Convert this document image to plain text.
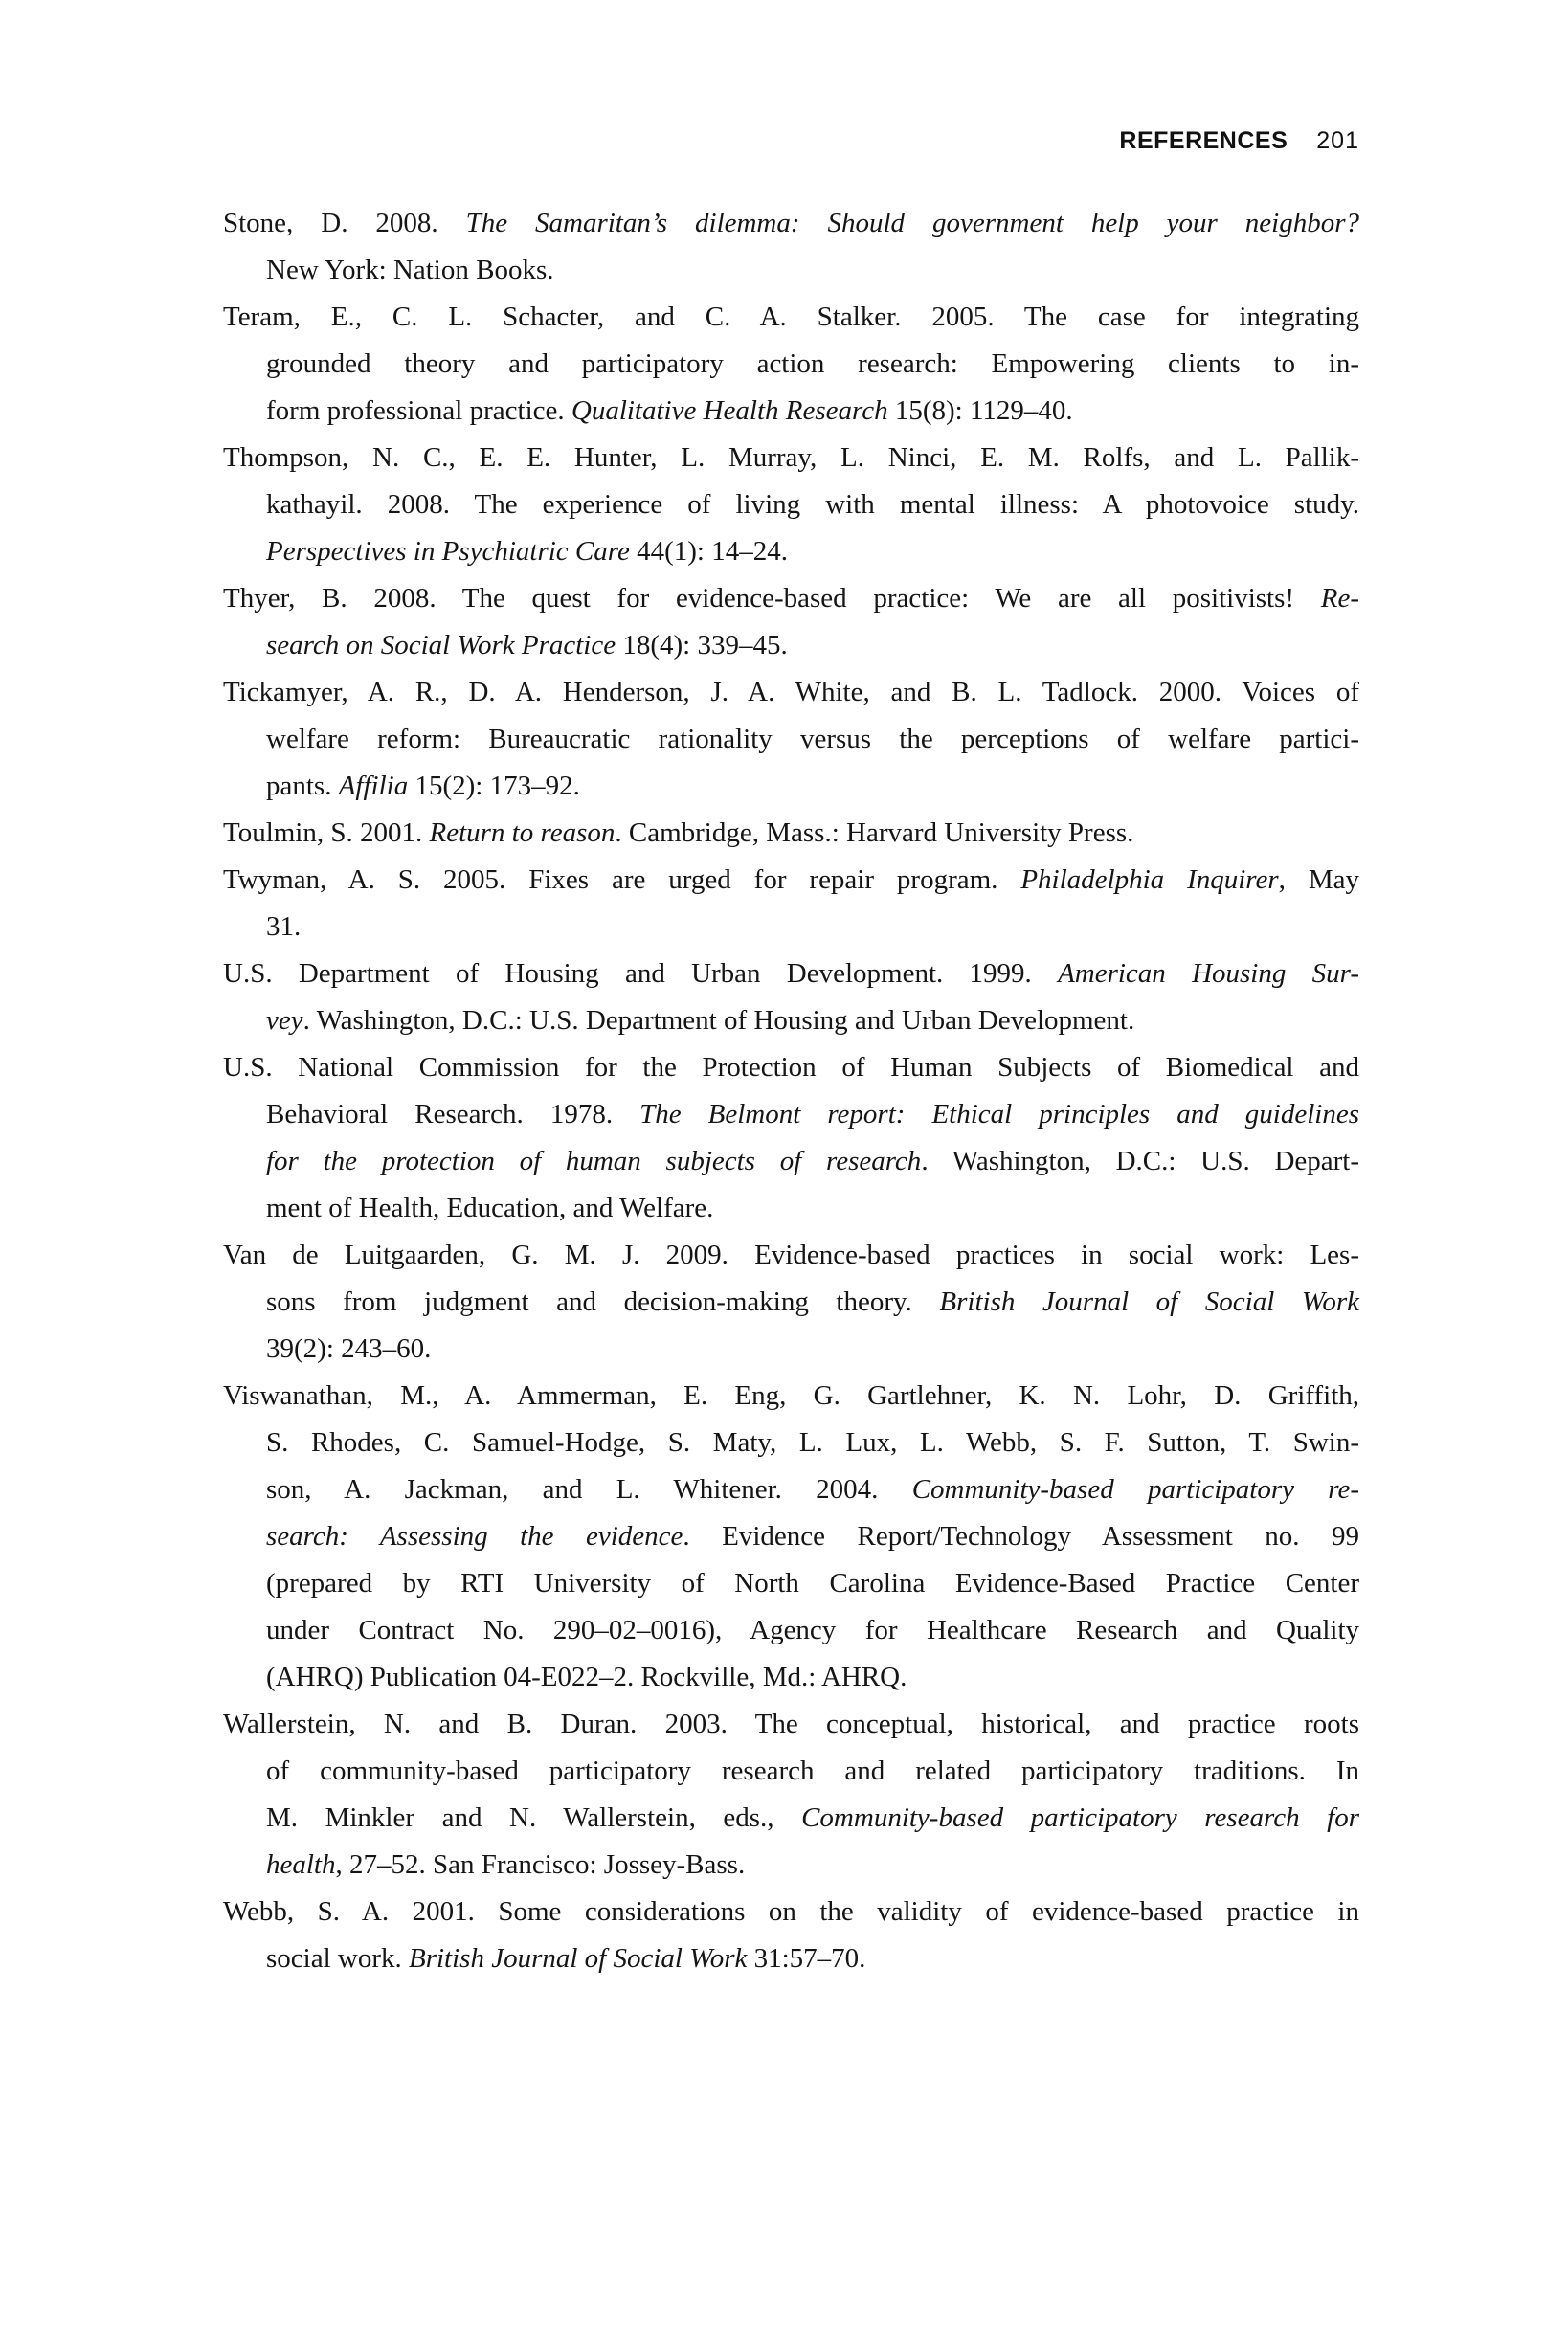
REFERENCES 201

Stone, D. 2008. The Samaritan’s dilemma: Should government help your neighbor?
New York: Nation Books.

Teram, E., C. L. Schacter, and C. A. Stalker. 2005. The case for integrating
grounded theory and participatory action research: Empowering clients to in-
form professional practice. Qualitative Health Research 15(8): 1129–40.

Thompson, N. C., E. E. Hunter, L. Murray, L. Ninci, E. M. Rolfs, and L. Pallik-
kathayil. 2008. The experience of living with mental illness: A photovoice study.
Perspectives in Psychiatric Care 44(1): 14–24.

Thyer, B. 2008. The quest for evidence-based practice: We are all positivists! Re-
search on Social Work Practice 18(4): 339–45.

Tickamyer, A. R., D. A. Henderson, J. A. White, and B. L. Tadlock. 2000. Voices of
welfare reform: Bureaucratic rationality versus the perceptions of welfare partici-
pants. Affilia 15(2): 173–92.

Toulmin, S. 2001. Return to reason. Cambridge, Mass.: Harvard University Press.

Twyman, A. S. 2005. Fixes are urged for repair program. Philadelphia Inquirer, May
31.

U.S. Department of Housing and Urban Development. 1999. American Housing Sur-
vey. Washington, D.C.: U.S. Department of Housing and Urban Development.

U.S. National Commission for the Protection of Human Subjects of Biomedical and
Behavioral Research. 1978. The Belmont report: Ethical principles and guidelines
for the protection of human subjects of research. Washington, D.C.: U.S. Depart-
ment of Health, Education, and Welfare.

Van de Luitgaarden, G. M. J. 2009. Evidence-based practices in social work: Les-
sons from judgment and decision-making theory. British Journal of Social Work
39(2): 243–60.

Viswanathan, M., A. Ammerman, E. Eng, G. Gartlehner, K. N. Lohr, D. Griffith,
S. Rhodes, C. Samuel-Hodge, S. Maty, L. Lux, L. Webb, S. F. Sutton, T. Swin-
son, A. Jackman, and L. Whitener. 2004. Community-based participatory re-
search: Assessing the evidence. Evidence Report/Technology Assessment no. 99
(prepared by RTI University of North Carolina Evidence-Based Practice Center
under Contract No. 290–02–0016), Agency for Healthcare Research and Quality
(AHRQ) Publication 04-E022–2. Rockville, Md.: AHRQ.

Wallerstein, N. and B. Duran. 2003. The conceptual, historical, and practice roots
of community-based participatory research and related participatory traditions. In
M. Minkler and N. Wallerstein, eds., Community-based participatory research for
health, 27–52. San Francisco: Jossey-Bass.

Webb, S. A. 2001. Some considerations on the validity of evidence-based practice in
social work. British Journal of Social Work 31:57–70.
